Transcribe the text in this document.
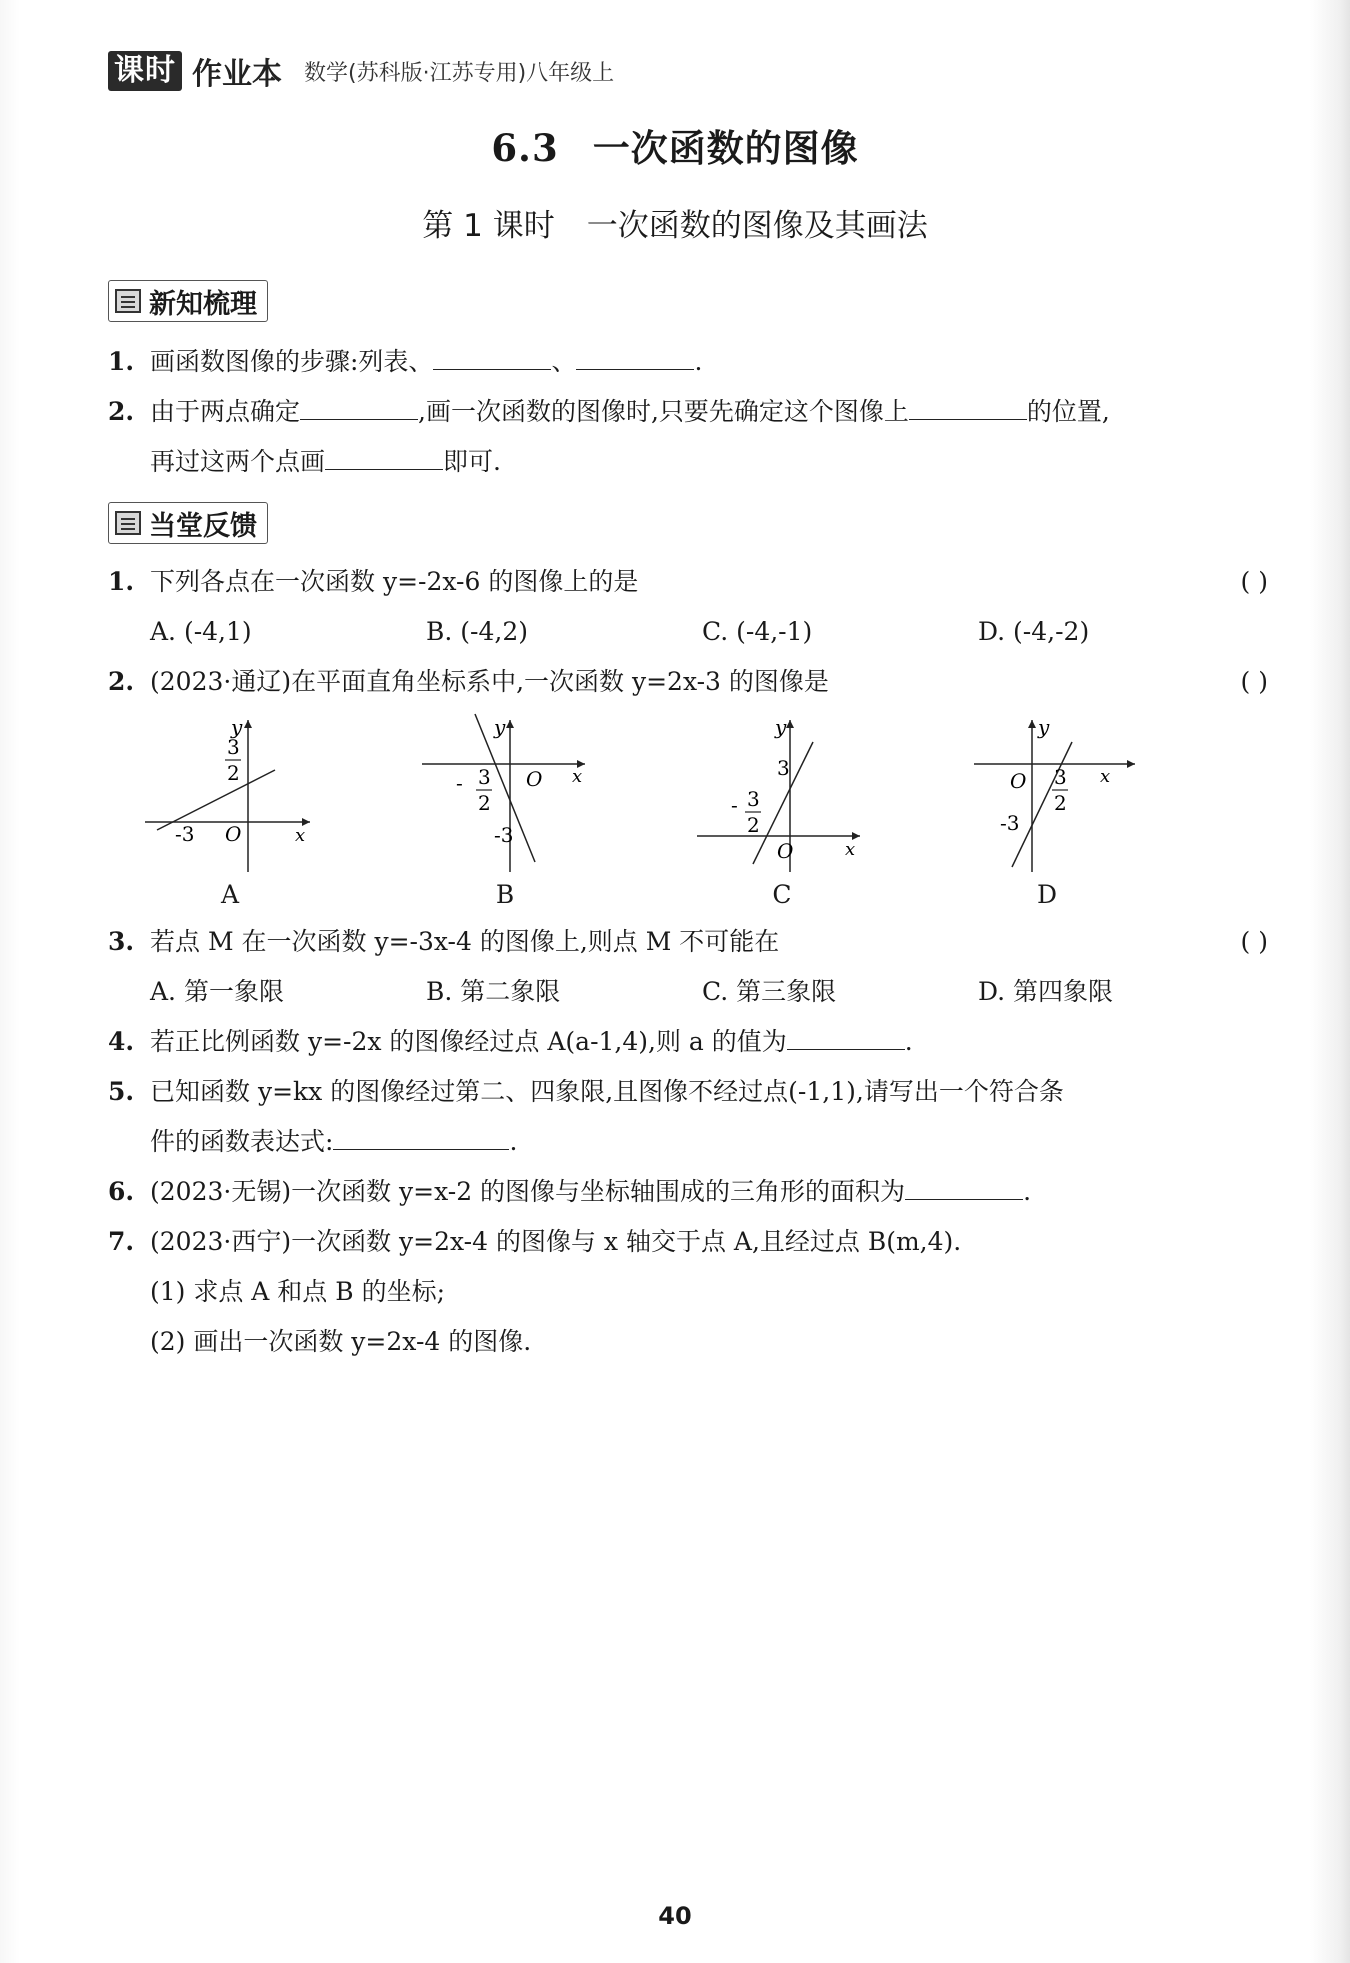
课时 作业本 数学(苏科版·江苏专用)八年级上
6.3 一次函数的图像
第 1 课时 一次函数的图像及其画法
新知梳理
1. 画函数图像的步骤:列表、	、	.
2. 由于两点确定	,画一次函数的图像时,只要先确定这个图像上	的位置,
再过这两个点画	即可.
当堂反馈
1. 下列各点在一次函数 y=-2x-6 的图像上的是	( )
A. (-4,1)	B. (-4,2)	C. (-4,-1)	D. (-4,-2)
2. (2023·通辽)在平面直角坐标系中,一次函数 y=2x-3 的图像是	( )
y
x
O
-3
3
2
A
y
x
O
- 3
2
-3
B
y
x
O
3
- 3
2
C
y
x
O 3
2
-3
D
3. 若点 M 在一次函数 y=-3x-4 的图像上,则点 M 不可能在	( )
A. 第一象限	B. 第二象限	C. 第三象限	D. 第四象限
4. 若正比例函数 y=-2x 的图像经过点 A(a-1,4),则 a 的值为	.
5. 已知函数 y=kx 的图像经过第二、四象限,且图像不经过点(-1,1),请写出一个符合条
件的函数表达式:	.
6. (2023·无锡)一次函数 y=x-2 的图像与坐标轴围成的三角形的面积为	.
7. (2023·西宁)一次函数 y=2x-4 的图像与 x 轴交于点 A,且经过点 B(m,4).
(1) 求点 A 和点 B 的坐标;
(2) 画出一次函数 y=2x-4 的图像.
40
